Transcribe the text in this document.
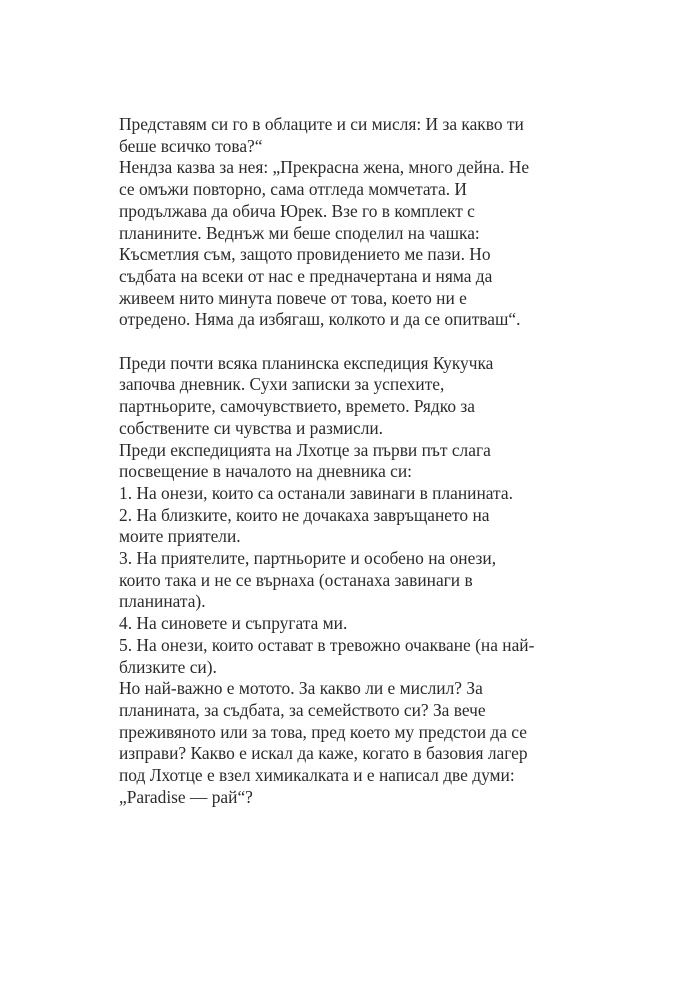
Представям си го в облаците и си мисля: И за какво ти
беше всичко това?“
Нендза казва за нея: „Прекрасна жена, много дейна. Не
се омъжи повторно, сама отгледа момчетата. И
продължава да обича Юрек. Взе го в комплект с
планините. Веднъж ми беше споделил на чашка:
Късметлия съм, защото провидението ме пази. Но
съдбата на всеки от нас е предначертана и няма да
живеем нито минута повече от това, което ни е
отредено. Няма да избягаш, колкото и да се опитваш“.
Преди почти всяка планинска експедиция Кукучка
започва дневник. Сухи записки за успехите,
партньорите, самочувствието, времето. Рядко за
собствените си чувства и размисли.
Преди експедицията на Лхотце за първи път слага
посвещение в началото на дневника си:
1. На онези, които са останали завинаги в планината.
2. На близките, които не дочакаха завръщането на
моите приятели.
3. На приятелите, партньорите и особено на онези,
които така и не се върнаха (останаха завинаги в
планината).
4. На синовете и съпругата ми.
5. На онези, които остават в тревожно очакване (на най-
близките си).
Но най-важно е мотото. За какво ли е мислил? За
планината, за съдбата, за семейството си? За вече
преживяното или за това, пред което му предстои да се
изправи? Какво е искал да каже, когато в базовия лагер
под Лхотце е взел химикалката и е написал две думи:
„Paradise — рай“?
